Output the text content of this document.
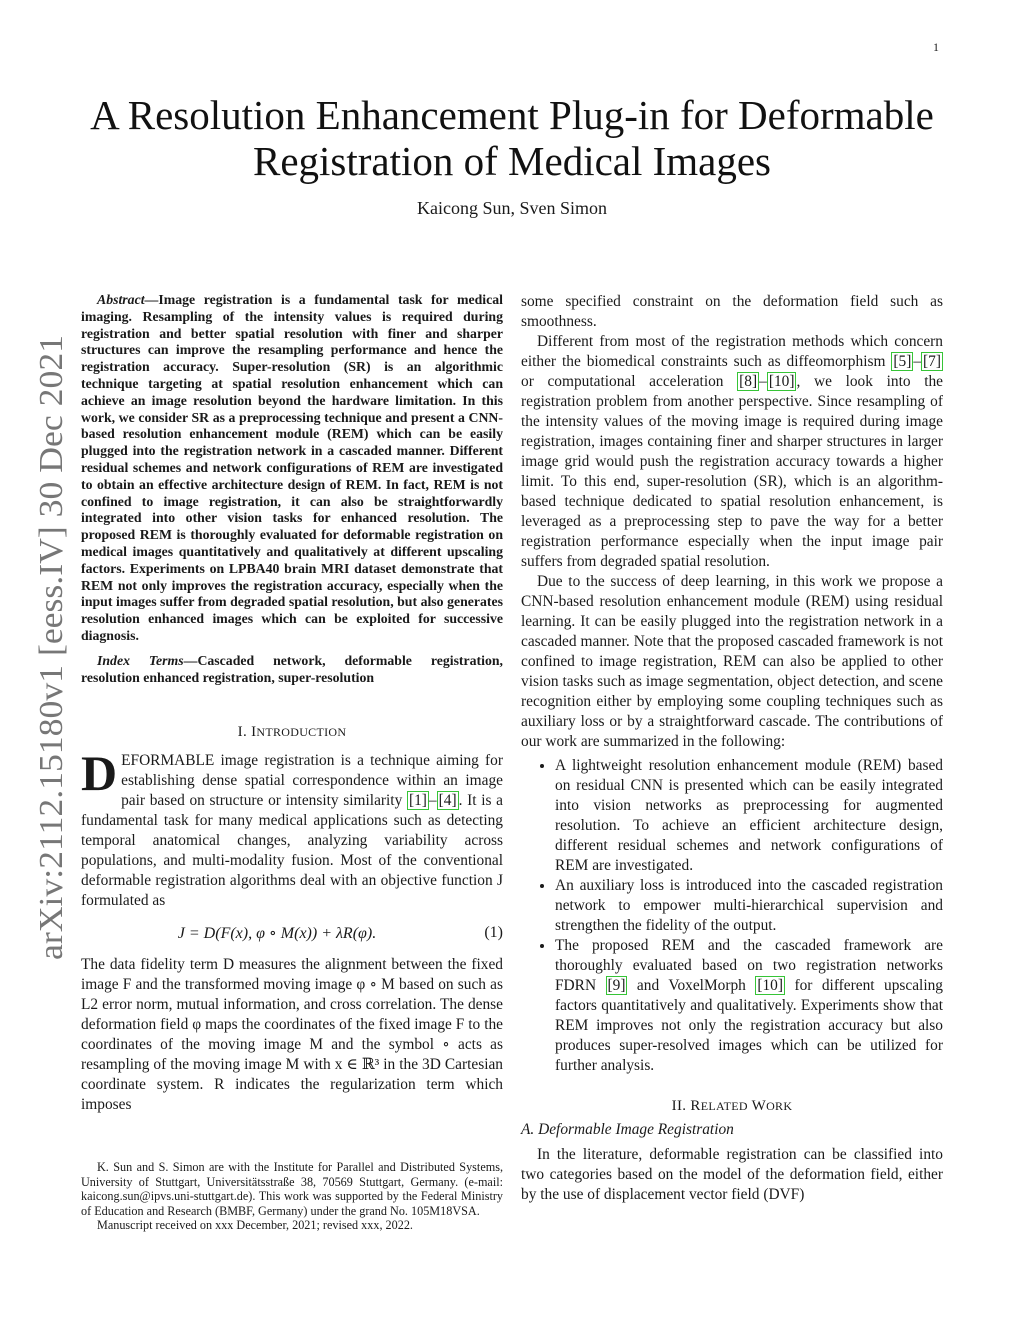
1
arXiv:2112.15180v1 [eess.IV] 30 Dec 2021
A Resolution Enhancement Plug-in for Deformable
Registration of Medical Images
Kaicong Sun, Sven Simon

Abstract—Image registration is a fundamental task for medical imaging. Resampling of the intensity values is required during registration and better spatial resolution with finer and sharper structures can improve the resampling performance and hence the registration accuracy. Super-resolution (SR) is an algorithmic technique targeting at spatial resolution enhancement which can achieve an image resolution beyond the hardware limitation. In this work, we consider SR as a preprocessing technique and present a CNN-based resolution enhancement module (REM) which can be easily plugged into the registration network in a cascaded manner. Different residual schemes and network configurations of REM are investigated to obtain an effective architecture design of REM. In fact, REM is not confined to image registration, it can also be straightforwardly integrated into other vision tasks for enhanced resolution. The proposed REM is thoroughly evaluated for deformable registration on medical images quantitatively and qualitatively at different upscaling factors. Experiments on LPBA40 brain MRI dataset demonstrate that REM not only improves the registration accuracy, especially when the input images suffer from degraded spatial resolution, but also generates resolution enhanced images which can be exploited for successive diagnosis.

Index Terms—Cascaded network, deformable registration, resolution enhanced registration, super-resolution

I. INTRODUCTION

DEFORMABLE image registration is a technique aiming for establishing dense spatial correspondence within an image pair based on structure or intensity similarity [1] – [4] . It is a fundamental task for many medical applications such as detecting temporal anatomical changes, analyzing variability across populations, and multi-modality fusion. Most of the conventional deformable registration algorithms deal with an objective function J formulated as

J = D(F(x), φ ∘ M(x)) + λR(φ).	(1)

The data fidelity term D measures the alignment between the fixed image F and the transformed moving image φ ∘ M based on such as L2 error norm, mutual information, and cross correlation. The dense deformation field φ maps the coordinates of the fixed image F to the coordinates of the moving image M and the symbol ∘ acts as resampling of the moving image M with x ∈ ℝ³ in the 3D Cartesian coordinate system. R indicates the regularization term which imposes

K. Sun and S. Simon are with the Institute for Parallel and Distributed Systems, University of Stuttgart, Universitätsstraße 38, 70569 Stuttgart, Germany. (e-mail: kaicong.sun@ipvs.uni-stuttgart.de). This work was supported by the Federal Ministry of Education and Research (BMBF, Germany) under the grand No. 105M18VSA.

Manuscript received on xxx December, 2021; revised xxx, 2022.

some specified constraint on the deformation field such as smoothness.

Different from most of the registration methods which concern either the biomedical constraints such as diffeomorphism [5] – [7] or computational acceleration [8] – [10] , we look into the registration problem from another perspective. Since resampling of the intensity values of the moving image is required during image registration, images containing finer and sharper structures in larger image grid would push the registration accuracy towards a higher limit. To this end, super-resolution (SR), which is an algorithm-based technique dedicated to spatial resolution enhancement, is leveraged as a preprocessing step to pave the way for a better registration performance especially when the input image pair suffers from degraded spatial resolution.

Due to the success of deep learning, in this work we propose a CNN-based resolution enhancement module (REM) using residual learning. It can be easily plugged into the registration network in a cascaded manner. Note that the proposed cascaded framework is not confined to image registration, REM can also be applied to other vision tasks such as image segmentation, object detection, and scene recognition either by employing some coupling techniques such as auxiliary loss or by a straightforward cascade. The contributions of our work are summarized in the following:

• A lightweight resolution enhancement module (REM) based on residual CNN is presented which can be easily integrated into vision networks as preprocessing for augmented resolution. To achieve an efficient architecture design, different residual schemes and network configurations of REM are investigated.
• An auxiliary loss is introduced into the cascaded registration network to empower multi-hierarchical supervision and strengthen the fidelity of the output.
• The proposed REM and the cascaded framework are thoroughly evaluated based on two registration networks FDRN [9] and VoxelMorph [10] for different upscaling factors quantitatively and qualitatively. Experiments show that REM improves not only the registration accuracy but also produces super-resolved images which can be utilized for further analysis.
II. RELATED WORK
A. Deformable Image Registration

In the literature, deformable registration can be classified into two categories based on the model of the deformation field, either by the use of displacement vector field (DVF)
